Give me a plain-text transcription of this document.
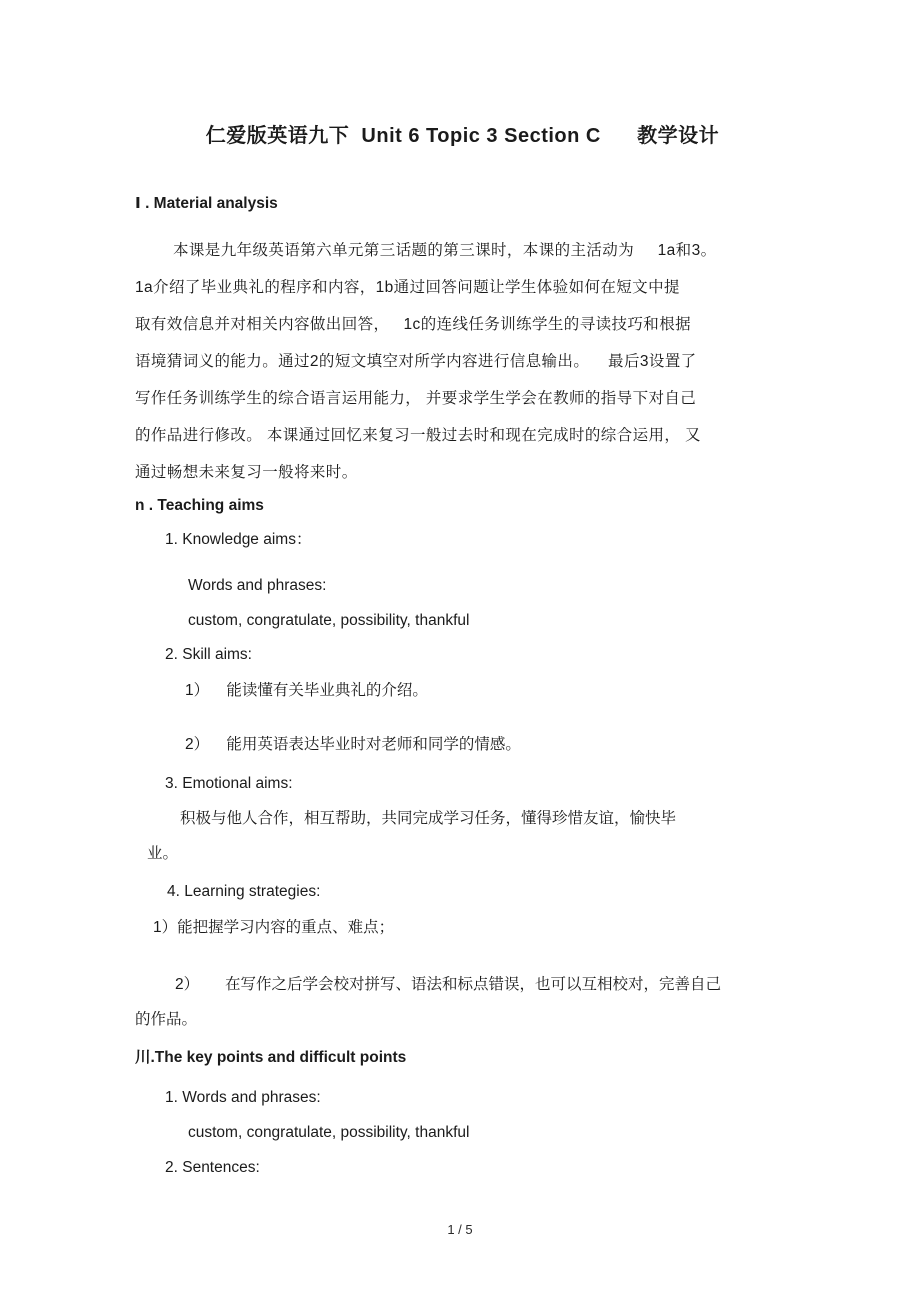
仁爱版英语九下  Unit 6 Topic 3 Section C      教学设计
Ⅰ . Material analysis
本课是九年级英语第六单元第三话题的第三课时，本课的主活动为     1a和3。
1a介绍了毕业典礼的程序和内容，1b通过回答问题让学生体验如何在短文中提
取有效信息并对相关内容做出回答，   1c的连线任务训练学生的寻读技巧和根据
语境猜词义的能力。通过2的短文填空对所学内容进行信息输出。    最后3设置了
写作任务训练学生的综合语言运用能力， 并要求学生学会在教师的指导下对自己
的作品进行修改。 本课通过回忆来复习一般过去时和现在完成时的综合运用， 又
通过畅想未来复习一般将来时。
n . Teaching aims
1. Knowledge aims：
Words and phrases:
custom, congratulate, possibility, thankful
2. Skill aims:
1）    能读懂有关毕业典礼的介绍。
2）    能用英语表达毕业时对老师和同学的情感。
3. Emotional aims:
积极与他人合作，相互帮助，共同完成学习任务，懂得珍惜友谊，愉快毕
业。
4. Learning strategies:
1）能把握学习内容的重点、难点；
2）      在写作之后学会校对拼写、语法和标点错误，也可以互相校对，完善自己
的作品。
川.The key points and difficult points
1. Words and phrases:
custom, congratulate, possibility, thankful
2. Sentences:
1 / 5
